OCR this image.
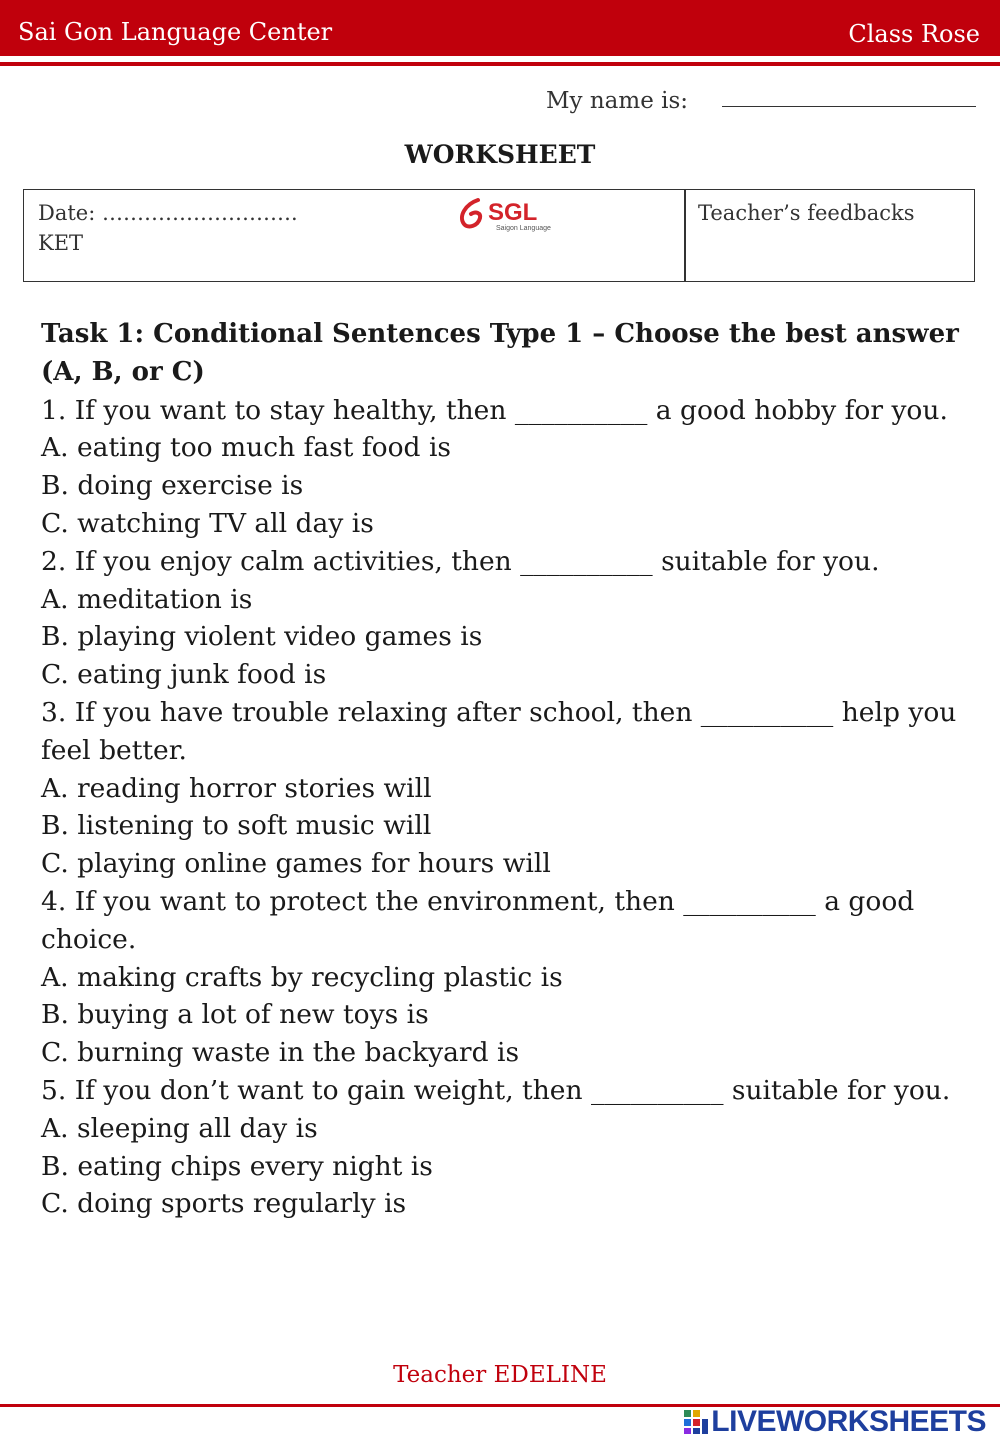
Sai Gon Language Center	Class Rose
My name is:
WORKSHEET
Date: ……………………….
KET
SGL
Saigon Language
Teacher’s feedbacks
Task 1: Conditional Sentences Type 1 – Choose the best answer (A, B, or C)
1. If you want to stay healthy, then __________ a good hobby for you.
A. eating too much fast food is
B. doing exercise is
C. watching TV all day is
2. If you enjoy calm activities, then __________ suitable for you.
A. meditation is
B. playing violent video games is
C. eating junk food is
3. If you have trouble relaxing after school, then __________ help you feel better.
A. reading horror stories will
B. listening to soft music will
C. playing online games for hours will
4. If you want to protect the environment, then __________ a good choice.
A. making crafts by recycling plastic is
B. buying a lot of new toys is
C. burning waste in the backyard is
5. If you don’t want to gain weight, then __________ suitable for you.
A. sleeping all day is
B. eating chips every night is
C. doing sports regularly is
Teacher EDELINE
LIVEWORKSHEETS
